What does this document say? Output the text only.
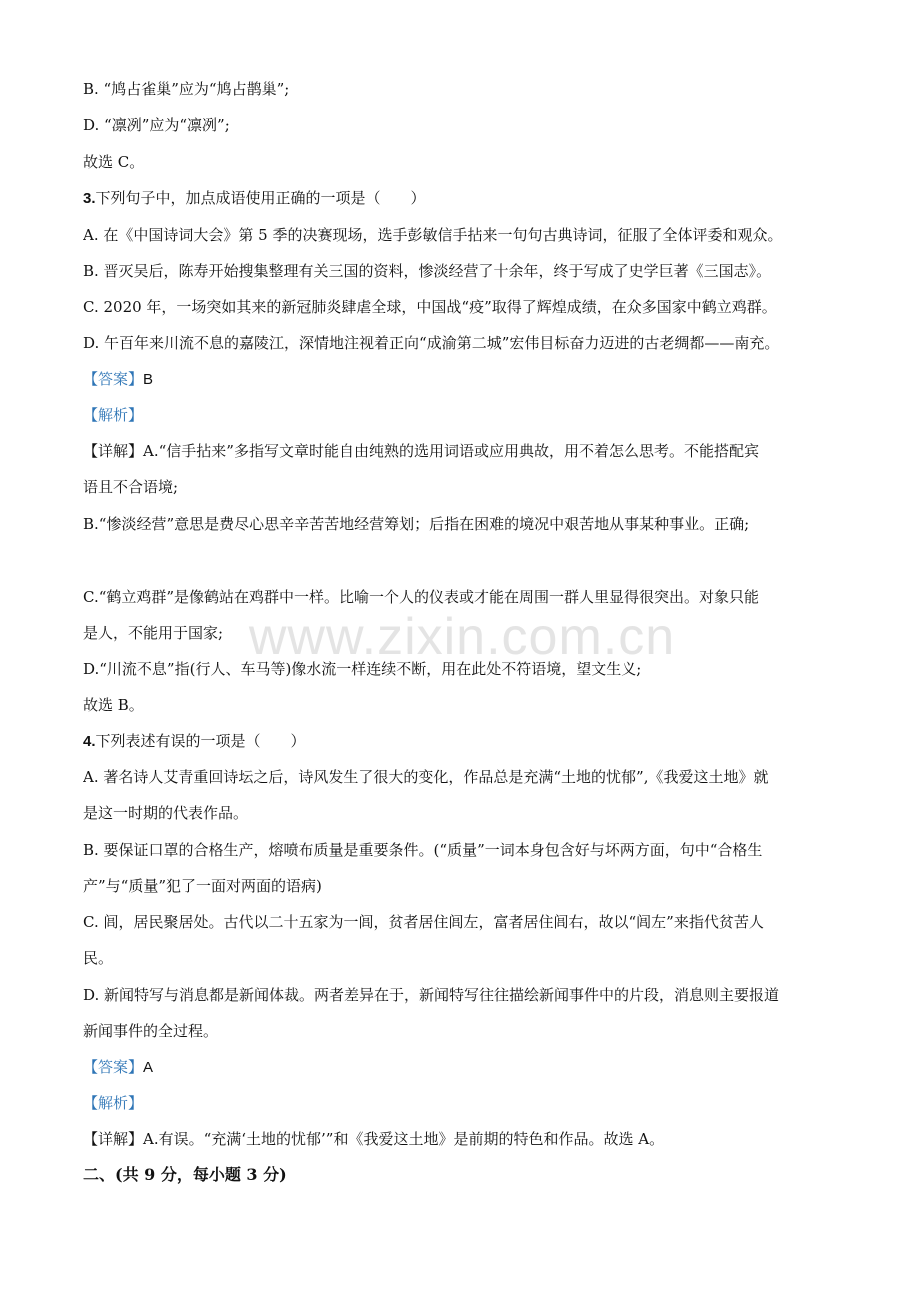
www.zixin.com.cn
B. “鸠占雀巢”应为“鸠占鹊巢”;
D. “凛冽”应为“凛冽”;
故选 C。
3.下列句子中，加点成语使用正确的一项是（　　）
A. 在《中国诗词大会》第 5 季的决赛现场，选手彭敏信手拈来一句句古典诗词，征服了全体评委和观众。
B. 晋灭吴后，陈寿开始搜集整理有关三国的资料，惨淡经营了十余年，终于写成了史学巨著《三国志》。
C. 2020 年，一场突如其来的新冠肺炎肆虐全球，中国战“疫”取得了辉煌成绩，在众多国家中鹤立鸡群。
D. 午百年来川流不息的嘉陵江，深情地注视着正向“成渝第二城”宏伟目标奋力迈进的古老绸都——南充。
【答案】B
【解析】
【详解】A.“信手拈来”多指写文章时能自由纯熟的选用词语或应用典故，用不着怎么思考。不能搭配宾
语且不合语境;
B.“惨淡经营”意思是费尽心思辛辛苦苦地经营筹划；后指在困难的境况中艰苦地从事某种事业。正确;
C.“鹤立鸡群”是像鹤站在鸡群中一样。比喻一个人的仪表或才能在周围一群人里显得很突出。对象只能
是人，不能用于国家;
D.“川流不息”指(行人、车马等)像水流一样连续不断，用在此处不符语境，望文生义;
故选 B。
4.下列表述有误的一项是（　　）
A. 著名诗人艾青重回诗坛之后，诗风发生了很大的变化，作品总是充满“土地的忧郁”,《我爱这土地》就
是这一时期的代表作品。
B. 要保证口罩的合格生产，熔喷布质量是重要条件。(“质量”一词本身包含好与坏两方面，句中“合格生
产”与“质量”犯了一面对两面的语病)
C. 闾，居民聚居处。古代以二十五家为一闾，贫者居住闾左，富者居住闾右，故以“闾左”来指代贫苦人
民。
D. 新闻特写与消息都是新闻体裁。两者差异在于，新闻特写往往描绘新闻事件中的片段，消息则主要报道
新闻事件的全过程。
【答案】A
【解析】
【详解】A.有误。“充满‘土地的忧郁’”和《我爱这土地》是前期的特色和作品。故选 A。
二、(共 9 分，每小题 3 分)
